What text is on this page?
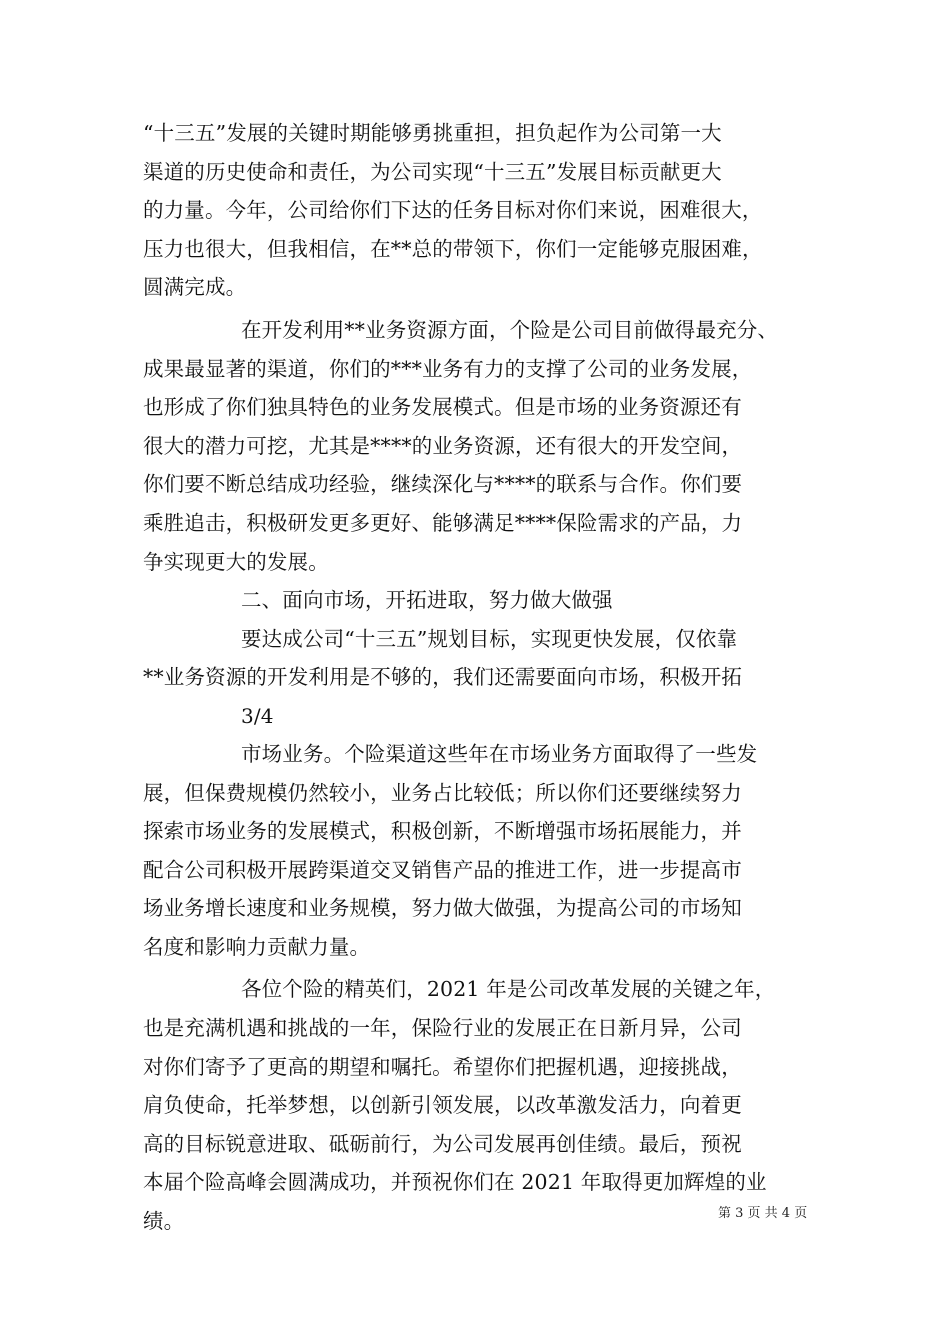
“十三五”发展的关键时期能够勇挑重担，担负起作为公司第一大
渠道的历史使命和责任，为公司实现“十三五”发展目标贡献更大
的力量。今年，公司给你们下达的任务目标对你们来说，困难很大，
压力也很大，但我相信，在**总的带领下，你们一定能够克服困难，
圆满完成。
在开发利用**业务资源方面，个险是公司目前做得最充分、
成果最显著的渠道，你们的***业务有力的支撑了公司的业务发展，
也形成了你们独具特色的业务发展模式。但是市场的业务资源还有
很大的潜力可挖，尤其是****的业务资源，还有很大的开发空间，
你们要不断总结成功经验，继续深化与****的联系与合作。你们要
乘胜追击，积极研发更多更好、能够满足****保险需求的产品，力
争实现更大的发展。
二、面向市场，开拓进取，努力做大做强
要达成公司“十三五”规划目标，实现更快发展，仅依靠
**业务资源的开发利用是不够的，我们还需要面向市场，积极开拓
3/4
市场业务。个险渠道这些年在市场业务方面取得了一些发
展，但保费规模仍然较小，业务占比较低；所以你们还要继续努力
探索市场业务的发展模式，积极创新，不断增强市场拓展能力，并
配合公司积极开展跨渠道交叉销售产品的推进工作，进一步提高市
场业务增长速度和业务规模，努力做大做强，为提高公司的市场知
名度和影响力贡献力量。
各位个险的精英们，2021 年是公司改革发展的关键之年，
也是充满机遇和挑战的一年，保险行业的发展正在日新月异，公司
对你们寄予了更高的期望和嘱托。希望你们把握机遇，迎接挑战，
肩负使命，托举梦想，以创新引领发展，以改革激发活力，向着更
高的目标锐意进取、砥砺前行，为公司发展再创佳绩。最后，预祝
本届个险高峰会圆满成功，并预祝你们在 2021 年取得更加辉煌的业
绩。	第 3 页 共 4 页
